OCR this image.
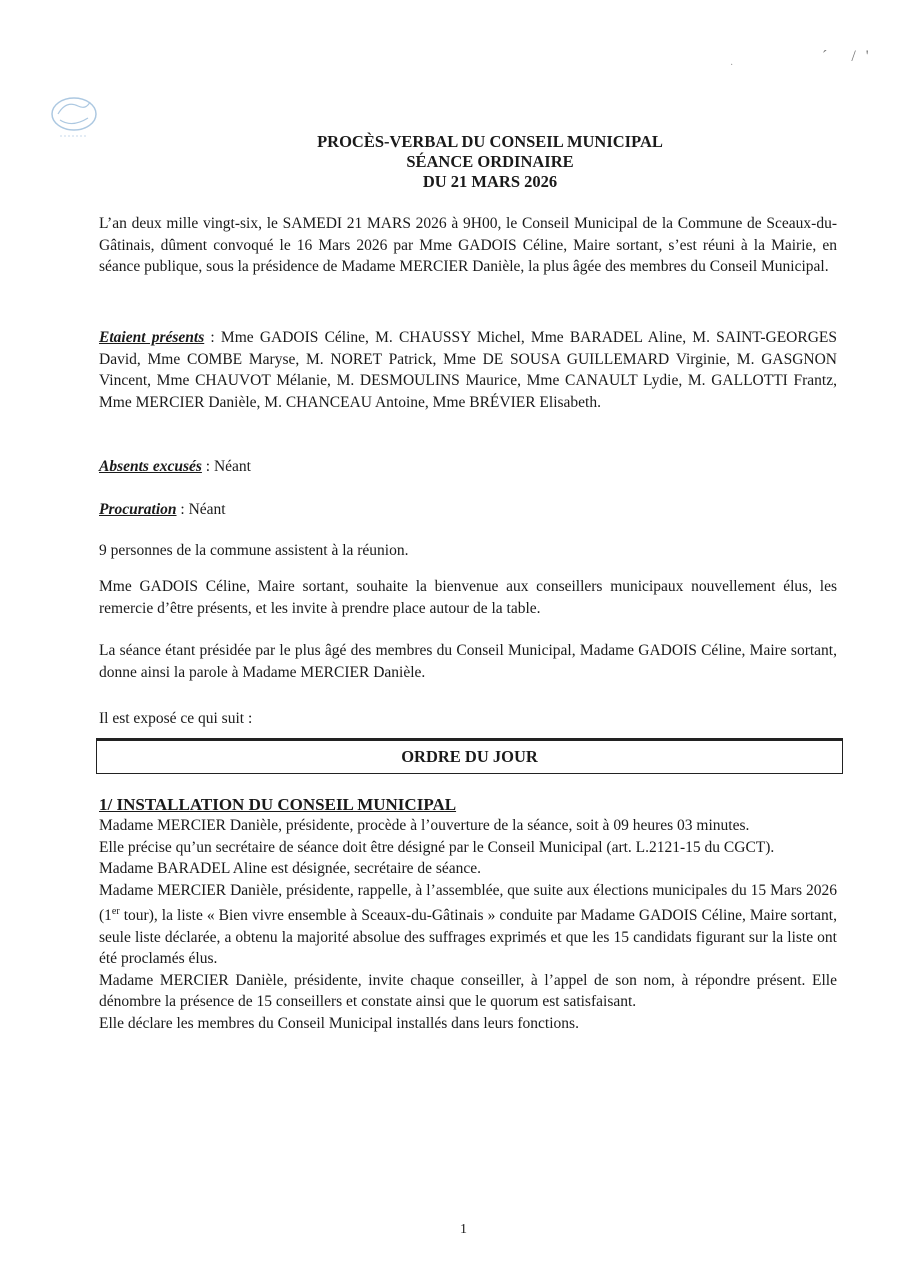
·
´ /'
PROCÈS-VERBAL DU CONSEIL MUNICIPAL
SÉANCE ORDINAIRE
DU 21 MARS 2026
L’an deux mille vingt-six, le SAMEDI 21 MARS 2026 à 9H00, le Conseil Municipal de la Commune de Sceaux-du-Gâtinais, dûment convoqué le 16 Mars 2026 par Mme GADOIS Céline, Maire sortant, s’est réuni à la Mairie, en séance publique, sous la présidence de Madame MERCIER Danièle, la plus âgée des membres du Conseil Municipal.
Etaient présents : Mme GADOIS Céline, M. CHAUSSY Michel, Mme BARADEL Aline, M. SAINT-GEORGES David, Mme COMBE Maryse, M. NORET Patrick, Mme DE SOUSA GUILLEMARD Virginie, M. GASGNON Vincent, Mme CHAUVOT Mélanie, M. DESMOULINS Maurice, Mme CANAULT Lydie, M. GALLOTTI Frantz, Mme MERCIER Danièle, M. CHANCEAU Antoine, Mme BRÉVIER Elisabeth.
Absents excusés : Néant
Procuration : Néant
9 personnes de la commune assistent à la réunion.
Mme GADOIS Céline, Maire sortant, souhaite la bienvenue aux conseillers municipaux nouvellement élus, les remercie d’être présents, et les invite à prendre place autour de la table.
La séance étant présidée par le plus âgé des membres du Conseil Municipal, Madame GADOIS Céline, Maire sortant, donne ainsi la parole à Madame MERCIER Danièle.
Il est exposé ce qui suit :
ORDRE DU JOUR
1/ INSTALLATION DU CONSEIL MUNICIPAL
Madame MERCIER Danièle, présidente, procède à l’ouverture de la séance, soit à 09 heures 03 minutes.
Elle précise qu’un secrétaire de séance doit être désigné par le Conseil Municipal (art. L.2121-15 du CGCT).
Madame BARADEL Aline est désignée, secrétaire de séance.
Madame MERCIER Danièle, présidente, rappelle, à l’assemblée, que suite aux élections municipales du 15 Mars 2026 (1er tour), la liste « Bien vivre ensemble à Sceaux-du-Gâtinais » conduite par Madame GADOIS Céline, Maire sortant, seule liste déclarée, a obtenu la majorité absolue des suffrages exprimés et que les 15 candidats figurant sur la liste ont été proclamés élus.
Madame MERCIER Danièle, présidente, invite chaque conseiller, à l’appel de son nom, à répondre présent. Elle dénombre la présence de 15 conseillers et constate ainsi que le quorum est satisfaisant.
Elle déclare les membres du Conseil Municipal installés dans leurs fonctions.
1
